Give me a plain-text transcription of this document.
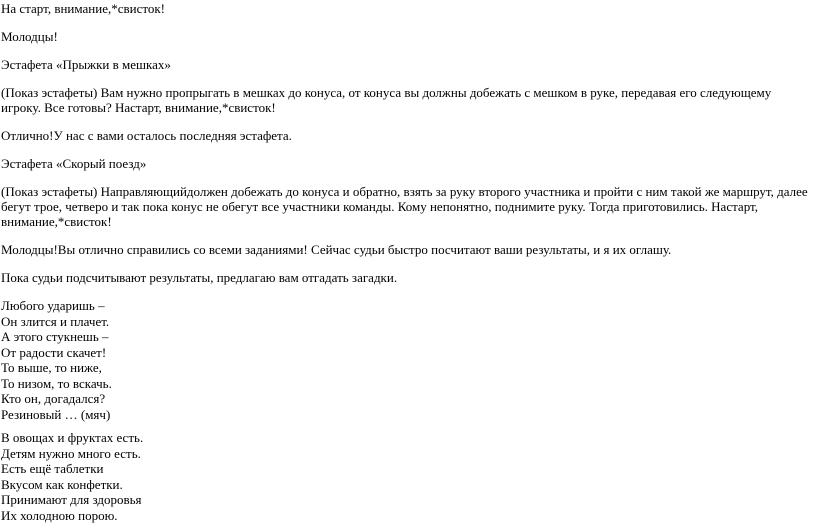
На старт, внимание,*свисток!

Молодцы!

Эстафета «Прыжки в мешках»

(Показ эстафеты) Вам нужно пропрыгать в мешках до конуса, от конуса вы должны добежать с мешком в руке, передавая его следующему игроку. Все готовы? Настарт, внимание,*свисток!

Отлично!У нас с вами осталось последняя эстафета.

Эстафета «Скорый поезд»

(Показ эстафеты) Направляющийдолжен добежать до конуса и обратно, взять за руку второго участника и пройти с ним такой же маршрут, далее бегут трое, четверо и так пока конус не обегут все участники команды. Кому непонятно, поднимите руку. Тогда приготовились. Настарт, внимание,*свисток!

Молодцы!Вы отлично справились со всеми заданиями! Сейчас судьи быстро посчитают ваши результаты, и я их оглашу.

Пока судьи подсчитывают результаты, предлагаю вам отгадать загадки.

Любого ударишь –
Он злится и плачет.
А этого стукнешь –
От радости скачет!
То выше, то ниже,
То низом, то вскачь.
Кто он, догадался?
Резиновый … (мяч)
В овощах и фруктах есть.
Детям нужно много есть.
Есть ещё таблетки
Вкусом как конфетки.
Принимают для здоровья
Их холодною порою.
